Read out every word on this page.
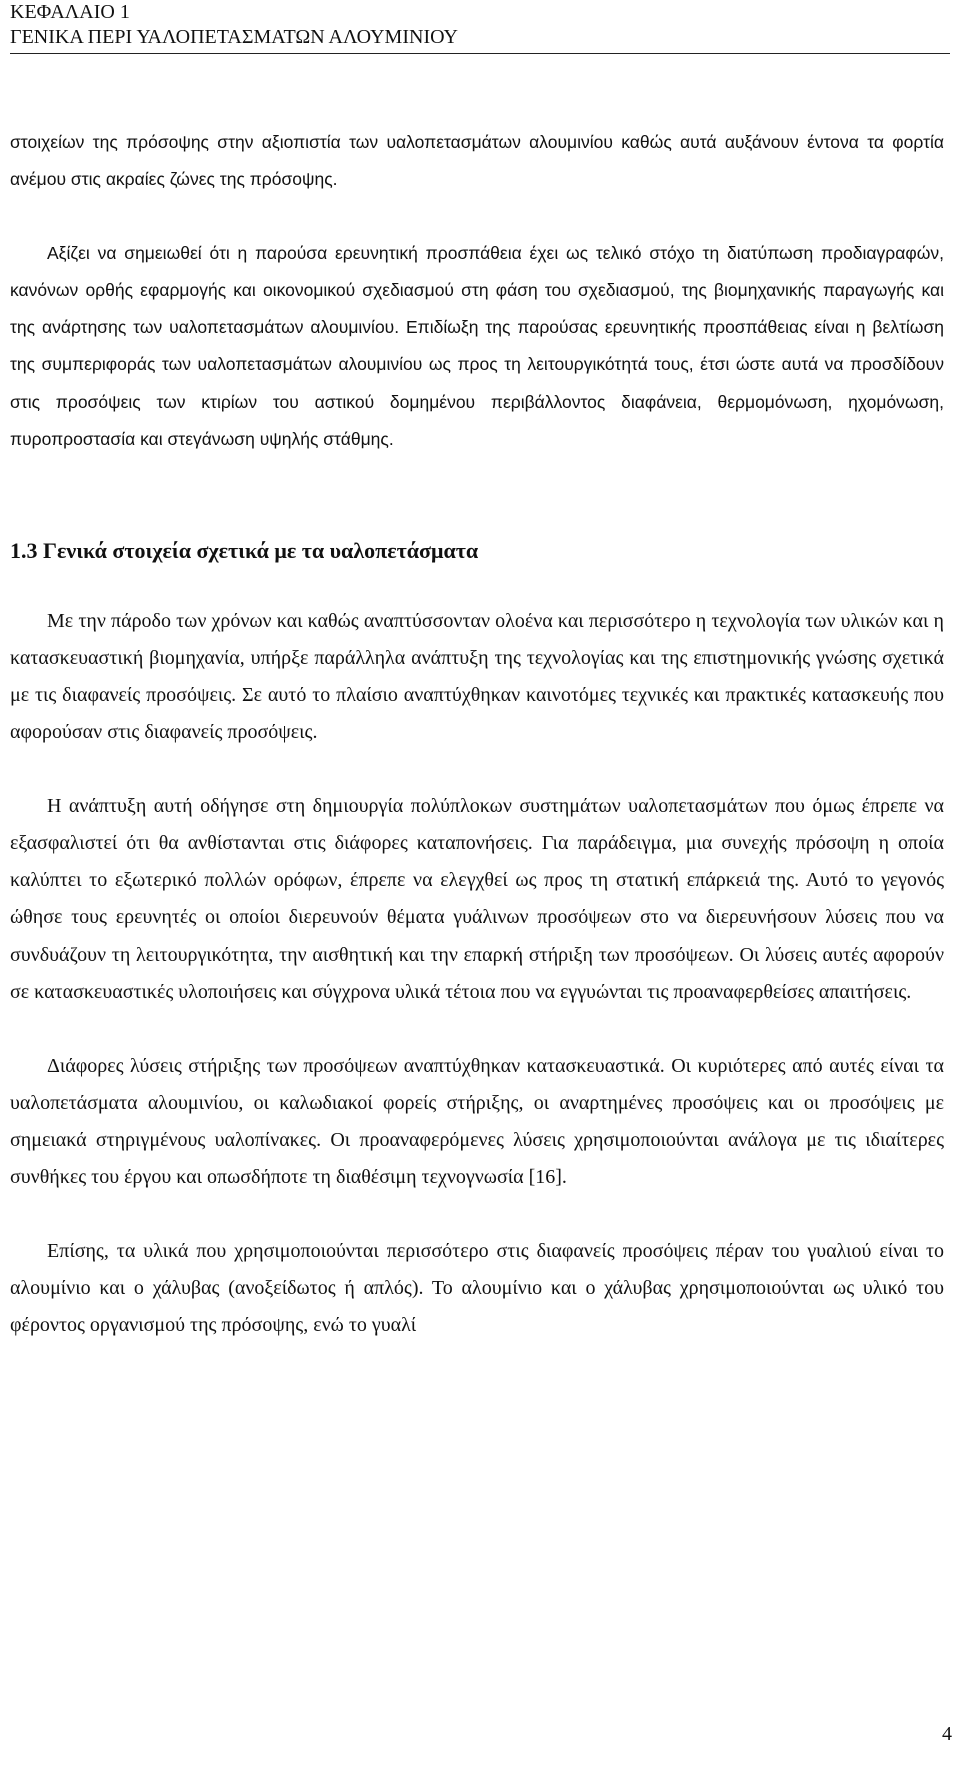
ΚΕΦΑΛΑΙΟ 1
ΓΕΝΙΚΑ ΠΕΡΙ ΥΑΛΟΠΕΤΑΣΜΑΤΩΝ ΑΛΟΥΜΙΝΙΟΥ

στοιχείων της πρόσοψης στην αξιοπιστία των υαλοπετασμάτων αλουμινίου καθώς αυτά αυξάνουν έντονα τα φορτία ανέμου στις ακραίες ζώνες της πρόσοψης.

Αξίζει να σημειωθεί ότι η παρούσα ερευνητική προσπάθεια έχει ως τελικό στόχο τη διατύπωση προδιαγραφών, κανόνων ορθής εφαρμογής και οικονομικού σχεδιασμού στη φάση του σχεδιασμού, της βιομηχανικής παραγωγής και της ανάρτησης των υαλοπετασμάτων αλουμινίου. Επιδίωξη της παρούσας ερευνητικής προσπάθειας είναι η βελτίωση της συμπεριφοράς των υαλοπετασμάτων αλουμινίου ως προς τη λειτουργικότητά τους, έτσι ώστε αυτά να προσδίδουν στις προσόψεις των κτιρίων του αστικού δομημένου περιβάλλοντος διαφάνεια, θερμομόνωση, ηχομόνωση, πυροπροστασία και στεγάνωση υψηλής στάθμης.

1.3 Γενικά στοιχεία σχετικά με τα υαλοπετάσματα

Με την πάροδο των χρόνων και καθώς αναπτύσσονταν ολοένα και περισσότερο η τεχνολογία των υλικών και η κατασκευαστική βιομηχανία, υπήρξε παράλληλα ανάπτυξη της τεχνολογίας και της επιστημονικής γνώσης σχετικά με τις διαφανείς προσόψεις. Σε αυτό το πλαίσιο αναπτύχθηκαν καινοτόμες τεχνικές και πρακτικές κατασκευής που αφορούσαν στις διαφανείς προσόψεις.

Η ανάπτυξη αυτή οδήγησε στη δημιουργία πολύπλοκων συστημάτων υαλοπετασμάτων που όμως έπρεπε να εξασφαλιστεί ότι θα ανθίστανται στις διάφορες καταπονήσεις. Για παράδειγμα, μια συνεχής πρόσοψη η οποία καλύπτει το εξωτερικό πολλών ορόφων, έπρεπε να ελεγχθεί ως προς τη στατική επάρκειά της. Αυτό το γεγονός ώθησε τους ερευνητές οι οποίοι διερευνούν θέματα γυάλινων προσόψεων στο να διερευνήσουν λύσεις που να συνδυάζουν τη λειτουργικότητα, την αισθητική και την επαρκή στήριξη των προσόψεων. Οι λύσεις αυτές αφορούν σε κατασκευαστικές υλοποιήσεις και σύγχρονα υλικά τέτοια που να εγγυώνται τις προαναφερθείσες απαιτήσεις.

Διάφορες λύσεις στήριξης των προσόψεων αναπτύχθηκαν κατασκευαστικά. Οι κυριότερες από αυτές είναι τα υαλοπετάσματα αλουμινίου, οι καλωδιακοί φορείς στήριξης, οι αναρτημένες προσόψεις και οι προσόψεις με σημειακά στηριγμένους υαλοπίνακες. Οι προαναφερόμενες λύσεις χρησιμοποιούνται ανάλογα με τις ιδιαίτερες συνθήκες του έργου και οπωσδήποτε τη διαθέσιμη τεχνογνωσία [16].

Επίσης, τα υλικά που χρησιμοποιούνται περισσότερο στις διαφανείς προσόψεις πέραν του γυαλιού είναι το αλουμίνιο και ο χάλυβας (ανοξείδωτος ή απλός). Το αλουμίνιο και ο χάλυβας χρησιμοποιούνται ως υλικό του φέροντος οργανισμού της πρόσοψης, ενώ το γυαλί

4
